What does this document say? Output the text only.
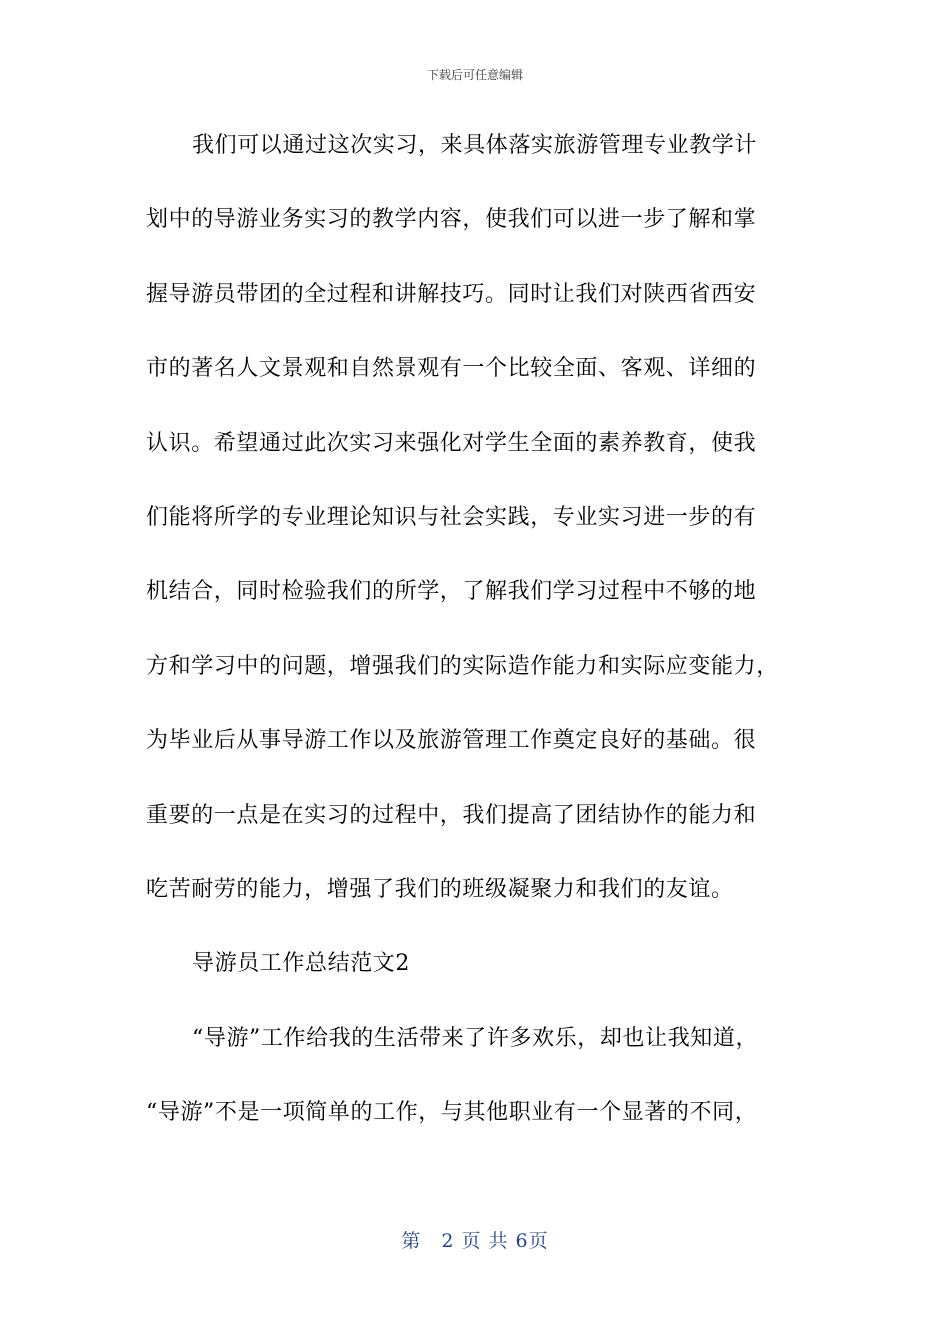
下载后可任意编辑
我们可以通过这次实习，来具体落实旅游管理专业教学计
划中的导游业务实习的教学内容，使我们可以进一步了解和掌
握导游员带团的全过程和讲解技巧。同时让我们对陕西省西安
市的著名人文景观和自然景观有一个比较全面、客观、详细的
认识。希望通过此次实习来强化对学生全面的素养教育，使我
们能将所学的专业理论知识与社会实践，专业实习进一步的有
机结合，同时检验我们的所学，了解我们学习过程中不够的地
方和学习中的问题，增强我们的实际造作能力和实际应变能力，
为毕业后从事导游工作以及旅游管理工作奠定良好的基础。很
重要的一点是在实习的过程中，我们提高了团结协作的能力和
吃苦耐劳的能力，增强了我们的班级凝聚力和我们的友谊。
导游员工作总结范文2
“导游”工作给我的生活带来了许多欢乐，却也让我知道，
“导游”不是一项简单的工作，与其他职业有一个显著的不同，
第　2 页 共 6页
